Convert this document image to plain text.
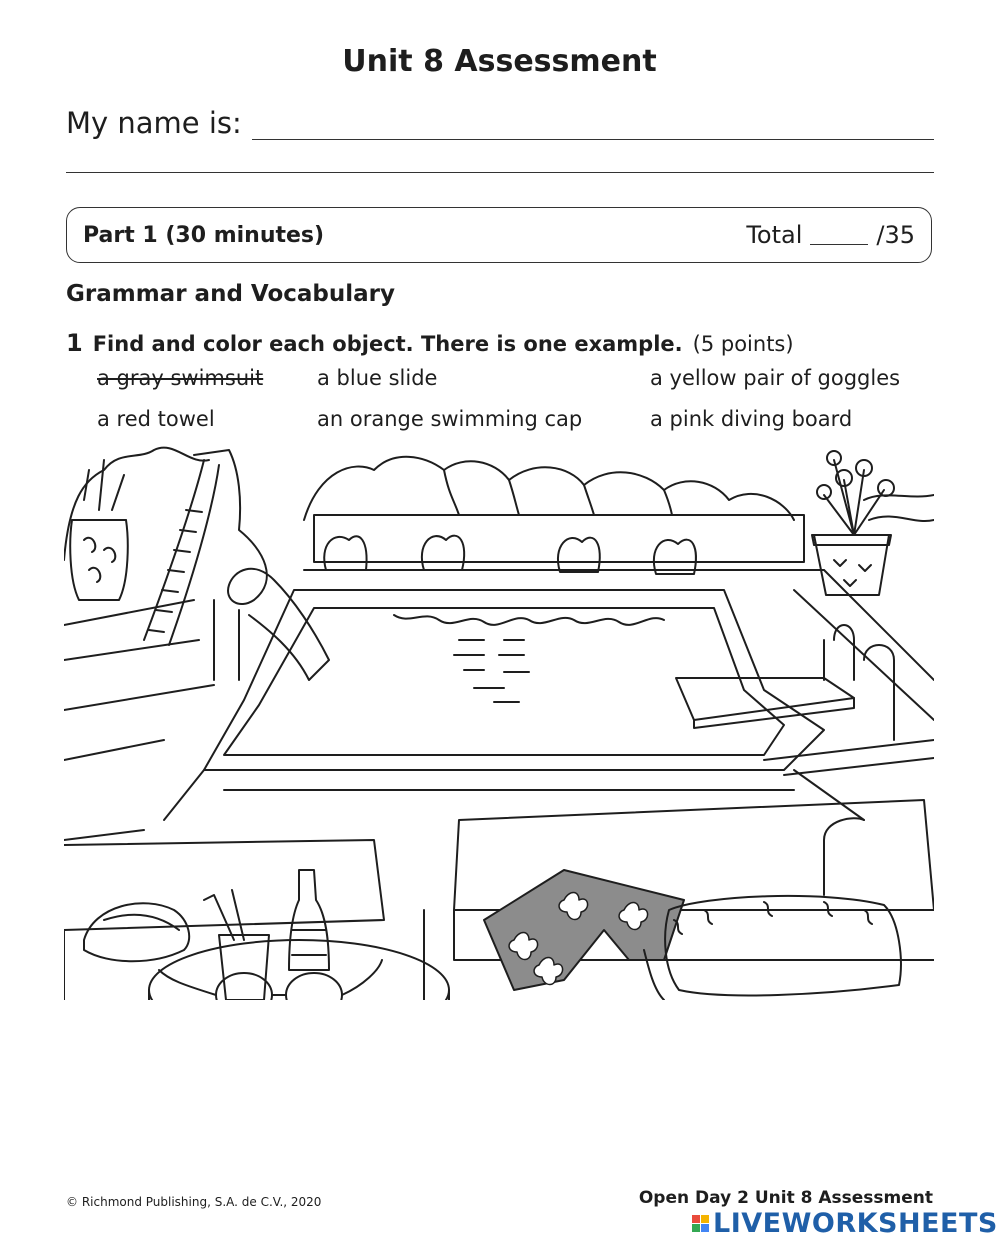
Unit 8 Assessment
My name is:
Part 1 (30 minutes)	Total	/35
Grammar and Vocabulary
1 Find and color each object. There is one example. (5 points)
a gray swimsuit	a blue slide	a yellow pair of goggles
a red towel	an orange swimming cap	a pink diving board
© Richmond Publishing, S.A. de C.V., 2020	Open Day 2 Unit 8 Assessment
LIVEWORKSHEETS
